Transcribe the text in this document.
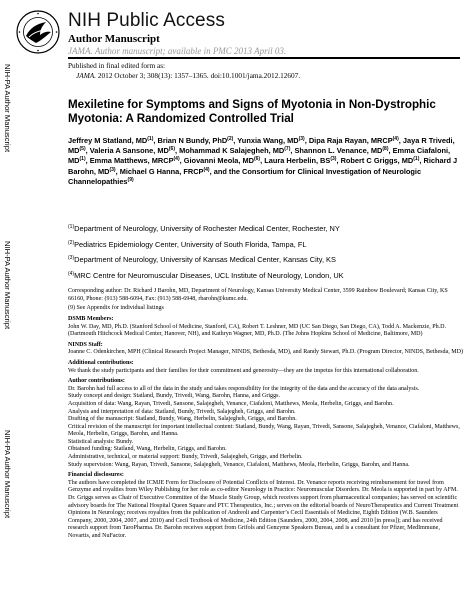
NIH Public Access
Author Manuscript
JAMA. Author manuscript; available in PMC 2013 April 03.
Published in final edited form as:
JAMA. 2012 October 3; 308(13): 1357–1365. doi:10.1001/jama.2012.12607.
NIH-PA Author Manuscript
NIH-PA Author Manuscript
NIH-PA Author Manuscript
Mexiletine for Symptoms and Signs of Myotonia in Non-Dystrophic Myotonia: A Randomized Controlled Trial
Jeffrey M Statland, MD$^{(1)}$, Brian N Bundy, PhD$^{(2)}$, Yunxia Wang, MD$^{(3)}$, Dipa Raja Rayan, MRCP$^{(4)}$, Jaya R Trivedi, MD$^{(5)}$, Valeria A Sansone, MD$^{(6)}$, Mohammad K Salajegheh, MD$^{(7)}$, Shannon L. Venance, MD$^{(8)}$, Emma Ciafaloni, MD$^{(1)}$, Emma Matthews, MRCP$^{(4)}$, Giovanni Meola, MD$^{(6)}$, Laura Herbelin, BS$^{(3)}$, Robert C Griggs, MD$^{(1)}$, Richard J Barohn, MD$^{(3)}$, Michael G Hanna, FRCP$^{(4)}$, and the Consortium for Clinical Investigation of Neurologic Channelopathies$^{(9)}$
$^{(1)}$Department of Neurology, University of Rochester Medical Center, Rochester, NY
$^{(2)}$Pediatrics Epidemiology Center, University of South Florida, Tampa, FL
$^{(3)}$Department of Neurology, University of Kansas Medical Center, Kansas City, KS
$^{(4)}$MRC Centre for Neuromuscular Diseases, UCL Institute of Neurology, London, UK

Corresponding author: Dr. Richard J Barohn, MD, Department of Neurology, Kansas University Medical Center, 3599 Rainbow Boulevard; Kansas City, KS 66160, Phone: (913) 588-6094, Fax: (913) 588-6948, rbarohn@kumc.edu.

(9) See Appendix for individual listings

DSMB Members:

John W. Day, MD, Ph.D. (Stanford School of Medicine, Stanford, CA), Robert T. Leshner, MD (UC San Diego, San Diego, CA), Todd A. Mackenzie, Ph.D. (Dartmouth Hitchcock Medical Center, Hanover, NH), and Kathryn Wagner, MD, Ph.D. (The Johns Hopkins School of Medicine, Baltimore, MD)

NINDS Staff:

Joanne C. Odenkirchen, MPH (Clinical Research Project Manager, NINDS, Bethesda, MD), and Randy Stewart, Ph.D. (Program Director, NINDS, Bethesda, MD)

Additional contributions:

We thank the study participants and their families for their commitment and generosity—they are the impetus for this international collaboration.

Author contributions:

Dr. Barohn had full access to all of the data in the study and takes responsibility for the integrity of the data and the accuracy of the data analysis.

Study concept and design: Statland, Bundy, Trivedi, Wang, Barohn, Hanna, and Griggs.

Acquisition of data: Wang, Rayan, Trivedi, Sansone, Salajegheh, Venance, Ciafaloni, Matthews, Meola, Herbelin, Griggs, and Barohn.

Analysis and interpretation of data: Statland, Bundy, Trivedi, Salajegheh, Griggs, and Barohn.

Drafting of the manuscript: Statland, Bundy, Wang, Herbelin, Salajegheh, Griggs, and Barohn.

Critical revision of the manuscript for important intellectual content: Statland, Bundy, Wang, Rayan, Trivedi, Sansone, Salajegheh, Venance, Ciafaloni, Matthews, Meola, Herbelin, Griggs, Barohn, and Hanna.

Statistical analysis: Bundy.

Obtained funding: Statland, Wang, Herbelin, Griggs, and Barohn.

Administrative, technical, or material support: Bundy, Trivedi, Salajegheh, Griggs, and Herbelin.

Study supervision: Wang, Rayan, Trivedi, Sansone, Salajegheh, Venance, Ciafaloni, Matthews, Meola, Herbelin, Griggs, Barohn, and Hanna.

Financial disclosures:

The authors have completed the ICMJE Form for Disclosure of Potential Conflicts of Interest. Dr. Venance reports receiving reimbursement for travel from Genzyme and royalties from Wiley Publishing for her role as co-editor Neurology in Practice: Neuromuscular Disorders. Dr. Meola is supported in part by AFM. Dr. Griggs serves as Chair of Executive Committee of the Muscle Study Group, which receives support from pharmaceutical companies; has served on scientific advisory boards for The National Hospital Queen Square and PTC Therapeutics, Inc.; serves on the editorial boards of NeuroTherapeutics and Current Treatment Opinions in Neurology; receives royalties from the publication of Andreoli and Carpenter’s Cecil Essentials of Medicine, Eighth Edition (W.B. Saunders Company, 2000, 2004, 2007, and 2010) and Cecil Textbook of Medicine, 24th Edition (Saunders, 2000, 2004, 2008, and 2010 [in press]); and has received research support from TaroPharma. Dr. Barohn receives support from Grifols and Genzyme Speakers Bureau, and is a consultant for Pfizer, MedImmune, Novartis, and NuFactor.
